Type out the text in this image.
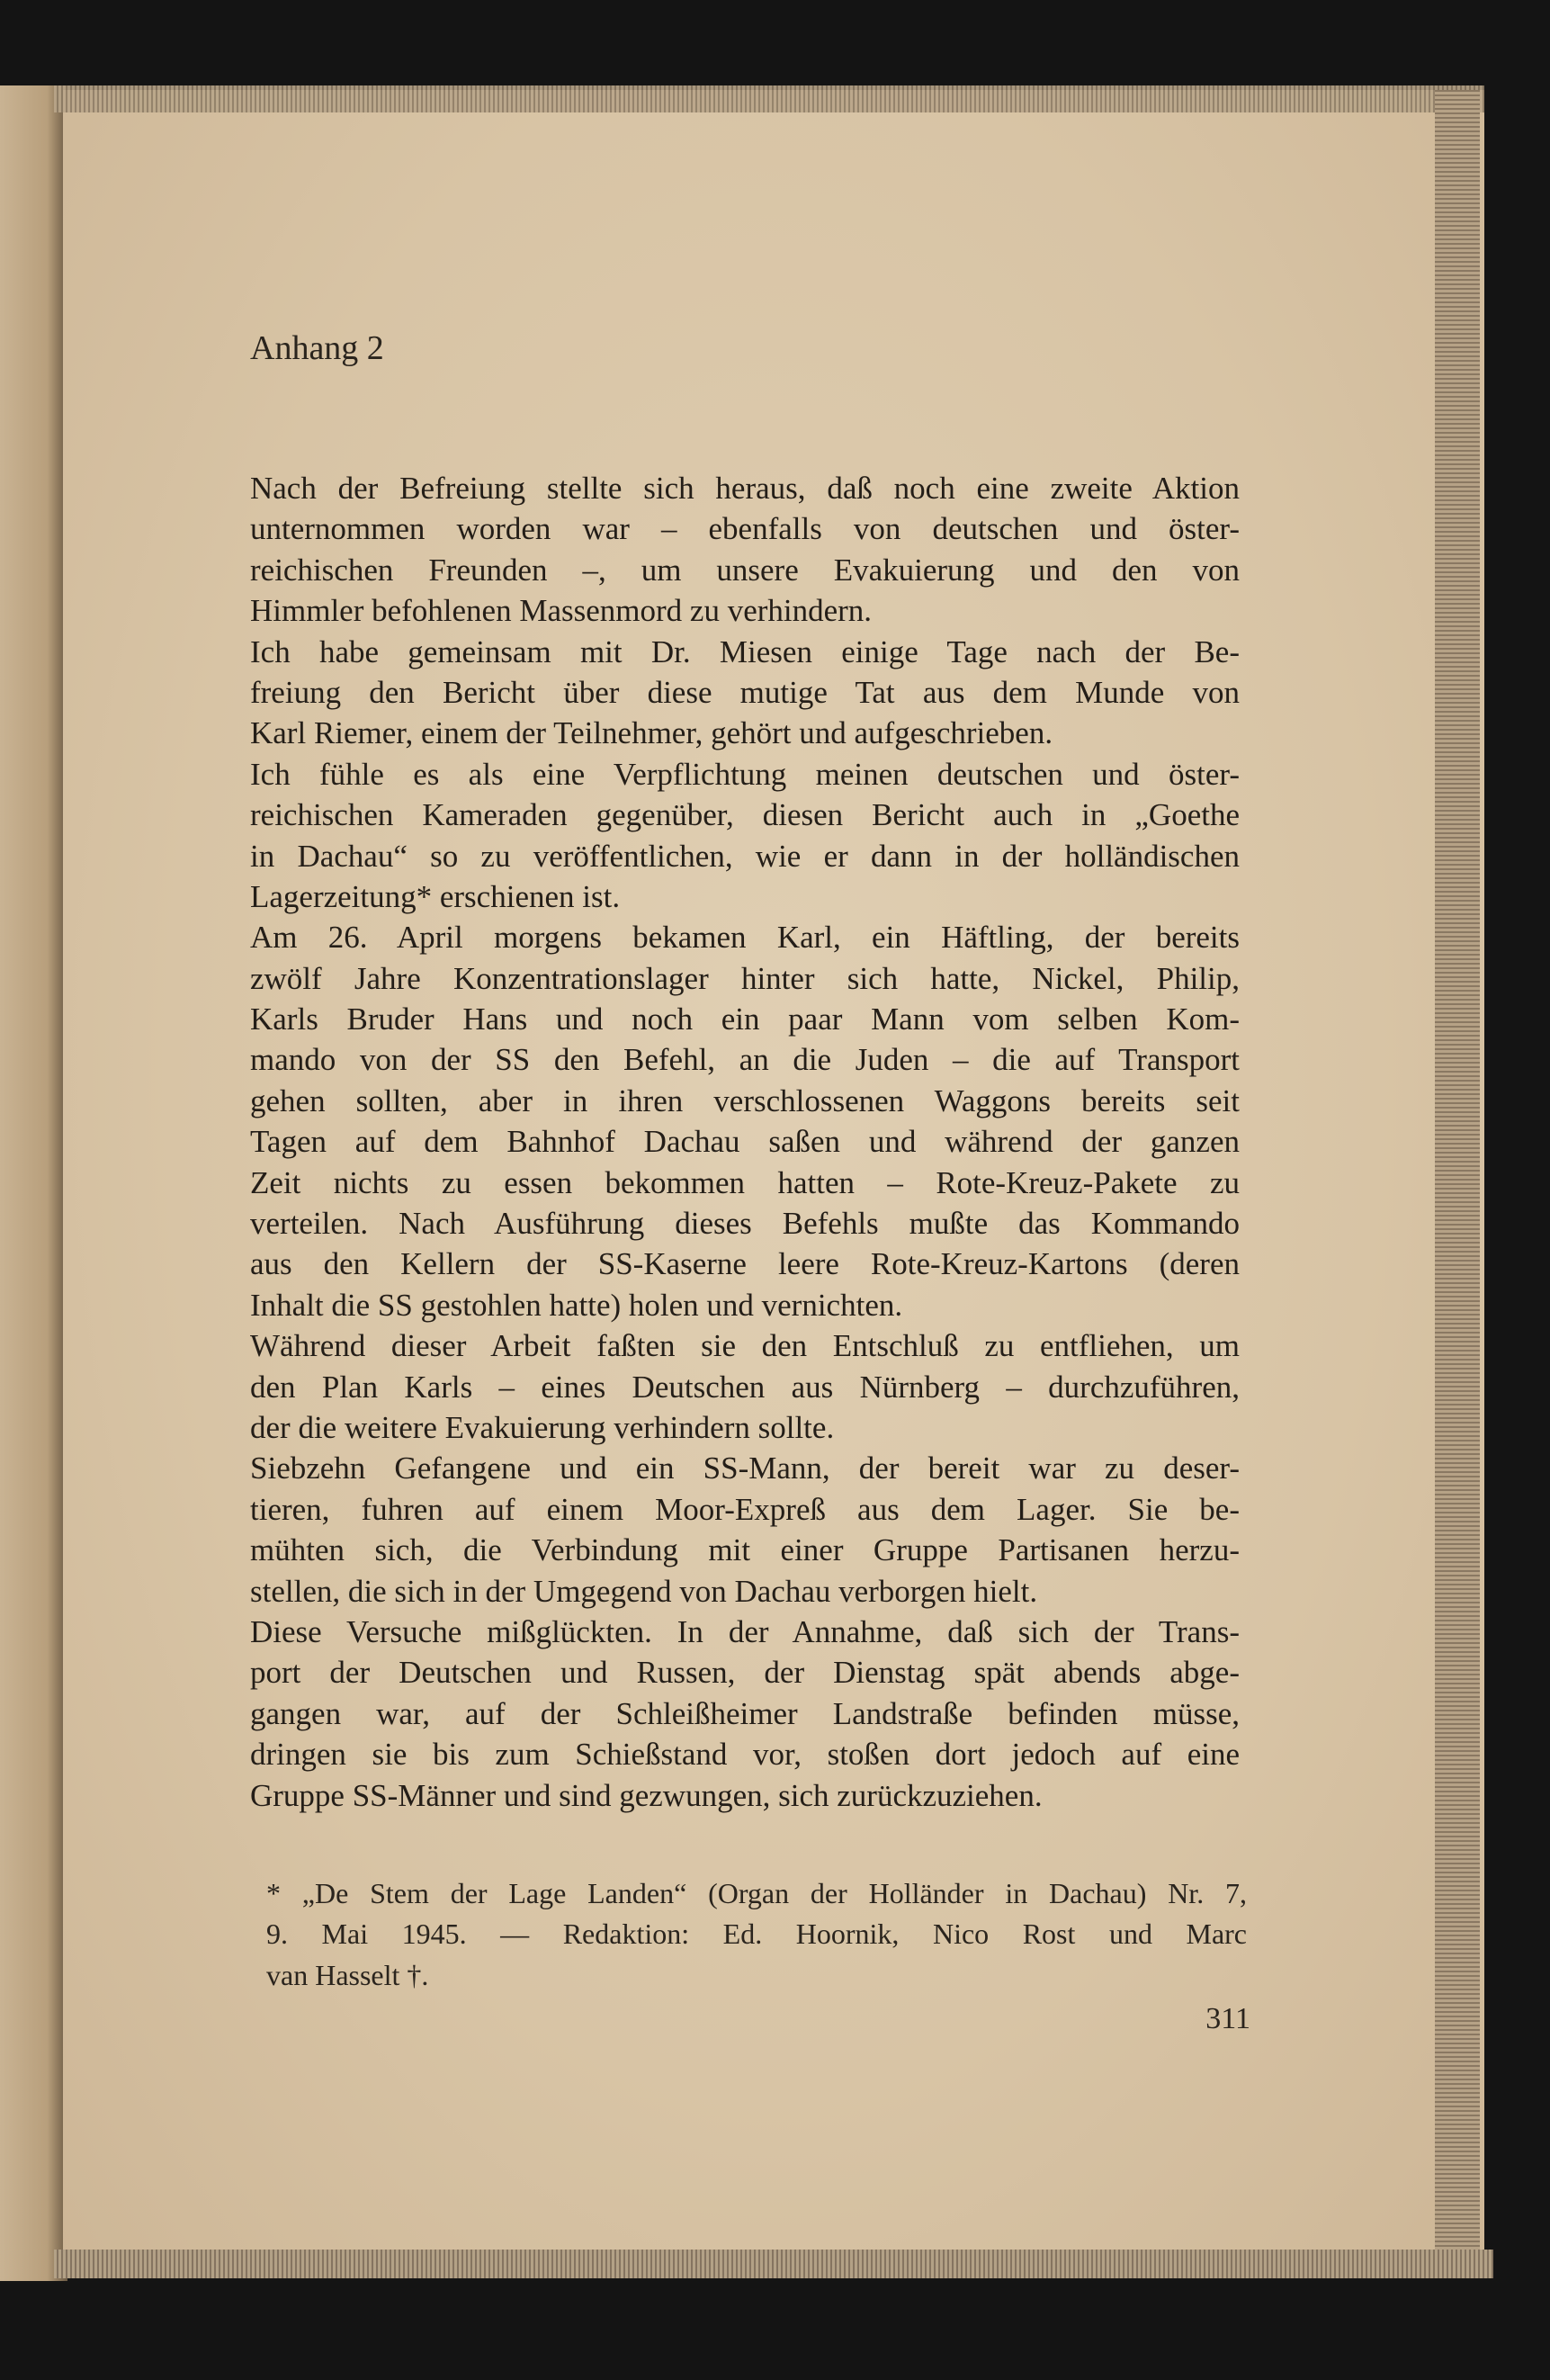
Anhang 2
Nach der Befreiung stellte sich heraus, daß noch eine zweite Aktion
unternommen worden war – ebenfalls von deutschen und öster-
reichischen Freunden –, um unsere Evakuierung und den von
Himmler befohlenen Massenmord zu verhindern.
Ich habe gemeinsam mit Dr. Miesen einige Tage nach der Be-
freiung den Bericht über diese mutige Tat aus dem Munde von
Karl Riemer, einem der Teilnehmer, gehört und aufgeschrieben.
Ich fühle es als eine Verpflichtung meinen deutschen und öster-
reichischen Kameraden gegenüber, diesen Bericht auch in „Goethe
in Dachau“ so zu veröffentlichen, wie er dann in der holländischen
Lagerzeitung* erschienen ist.
Am 26. April morgens bekamen Karl, ein Häftling, der bereits
zwölf Jahre Konzentrationslager hinter sich hatte, Nickel, Philip,
Karls Bruder Hans und noch ein paar Mann vom selben Kom-
mando von der SS den Befehl, an die Juden – die auf Transport
gehen sollten, aber in ihren verschlossenen Waggons bereits seit
Tagen auf dem Bahnhof Dachau saßen und während der ganzen
Zeit nichts zu essen bekommen hatten – Rote-Kreuz-Pakete zu
verteilen. Nach Ausführung dieses Befehls mußte das Kommando
aus den Kellern der SS-Kaserne leere Rote-Kreuz-Kartons (deren
Inhalt die SS gestohlen hatte) holen und vernichten.
Während dieser Arbeit faßten sie den Entschluß zu entfliehen, um
den Plan Karls – eines Deutschen aus Nürnberg – durchzuführen,
der die weitere Evakuierung verhindern sollte.
Siebzehn Gefangene und ein SS-Mann, der bereit war zu deser-
tieren, fuhren auf einem Moor-Expreß aus dem Lager. Sie be-
mühten sich, die Verbindung mit einer Gruppe Partisanen herzu-
stellen, die sich in der Umgegend von Dachau verborgen hielt.
Diese Versuche mißglückten. In der Annahme, daß sich der Trans-
port der Deutschen und Russen, der Dienstag spät abends abge-
gangen war, auf der Schleißheimer Landstraße befinden müsse,
dringen sie bis zum Schießstand vor, stoßen dort jedoch auf eine
Gruppe SS-Männer und sind gezwungen, sich zurückzuziehen.
* „De Stem der Lage Landen“ (Organ der Holländer in Dachau) Nr. 7,
9. Mai 1945. — Redaktion: Ed. Hoornik, Nico Rost und Marc
van Hasselt †.
311
